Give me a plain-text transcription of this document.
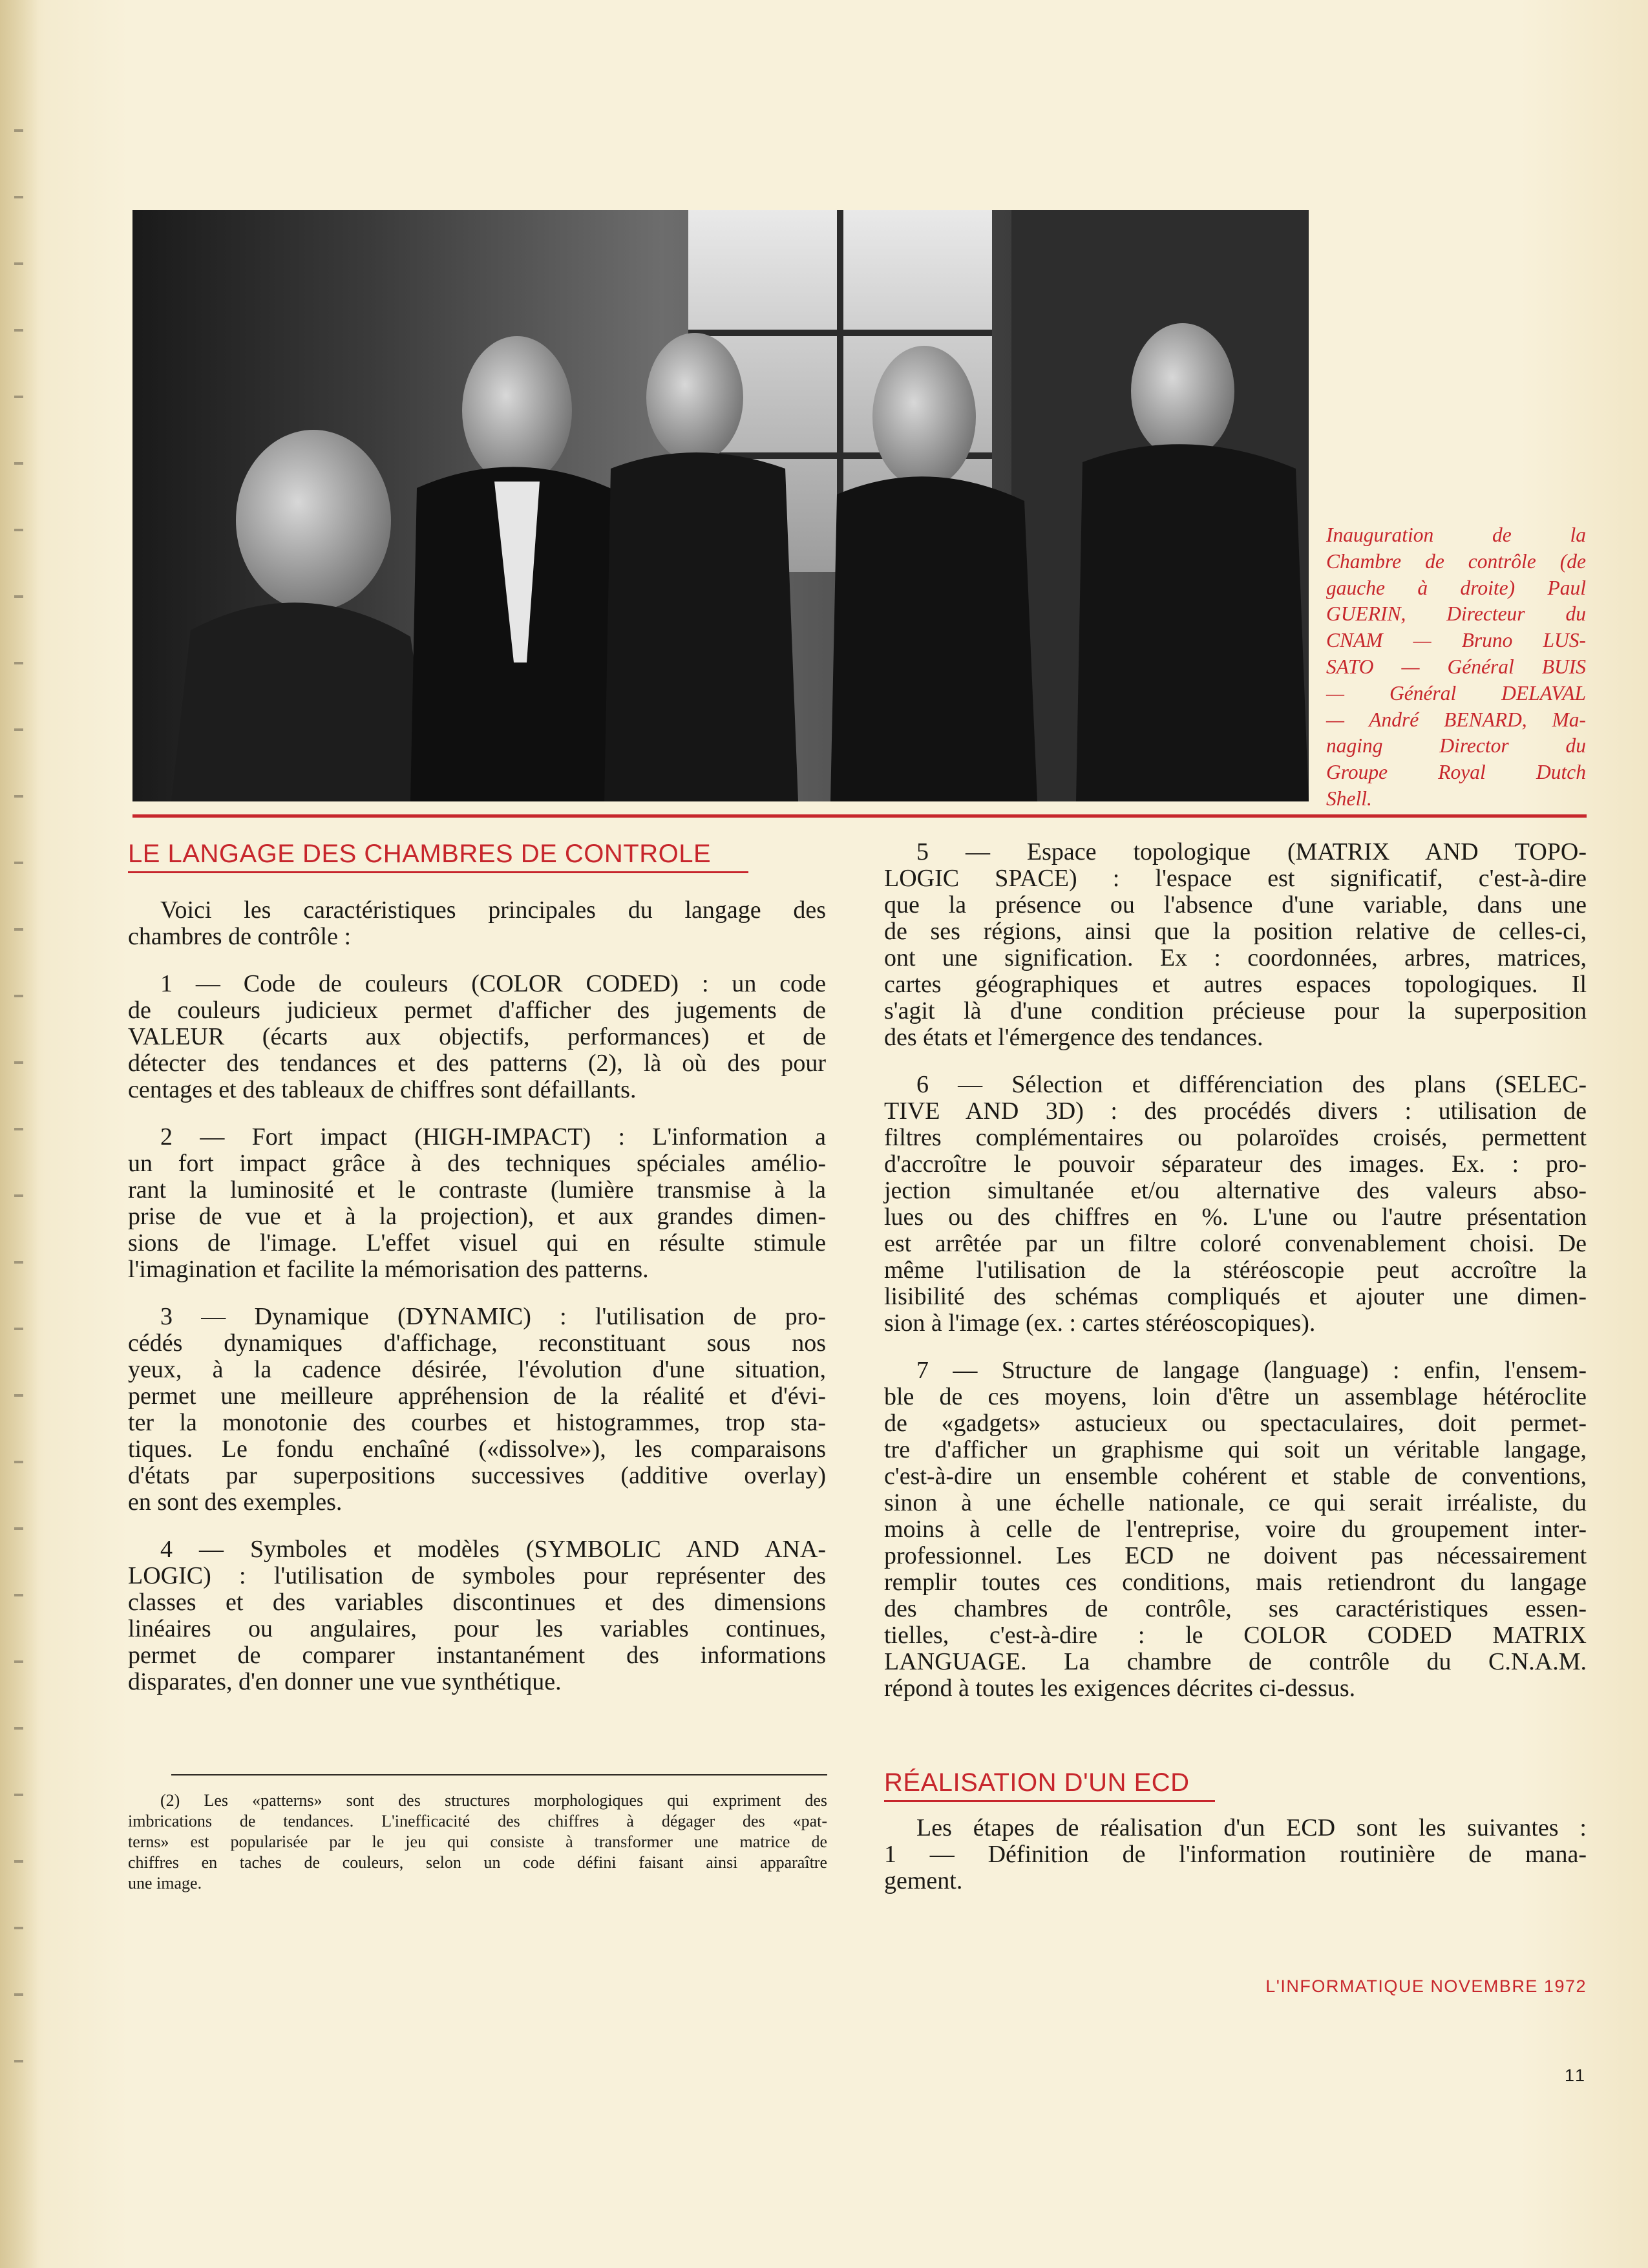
Inauguration de la
Chambre de contrôle (de
gauche à droite) Paul
GUERIN, Directeur du
CNAM — Bruno LUS-
SATO — Général BUIS
— Général DELAVAL
— André BENARD, Ma-
naging Director du
Groupe Royal Dutch
Shell.
LE LANGAGE DES CHAMBRES DE CONTROLE
Voici les caractéristiques principales du langage des
chambres de contrôle :
1 — Code de couleurs (COLOR CODED) : un code
de couleurs judicieux permet d'afficher des jugements de
VALEUR (écarts aux objectifs, performances) et de
détecter des tendances et des patterns (2), là où des pour
centages et des tableaux de chiffres sont défaillants.
2 — Fort impact (HIGH-IMPACT) : L'information a
un fort impact grâce à des techniques spéciales amélio-
rant la luminosité et le contraste (lumière transmise à la
prise de vue et à la projection), et aux grandes dimen-
sions de l'image. L'effet visuel qui en résulte stimule
l'imagination et facilite la mémorisation des patterns.
3 — Dynamique (DYNAMIC) : l'utilisation de pro-
cédés dynamiques d'affichage, reconstituant sous nos
yeux, à la cadence désirée, l'évolution d'une situation,
permet une meilleure appréhension de la réalité et d'évi-
ter la monotonie des courbes et histogrammes, trop sta-
tiques. Le fondu enchaîné («dissolve»), les comparaisons
d'états par superpositions successives (additive overlay)
en sont des exemples.
4 — Symboles et modèles (SYMBOLIC AND ANA-
LOGIC) : l'utilisation de symboles pour représenter des
classes et des variables discontinues et des dimensions
linéaires ou angulaires, pour les variables continues,
permet de comparer instantanément des informations
disparates, d'en donner une vue synthétique.
(2) Les «patterns» sont des structures morphologiques qui expriment des
imbrications de tendances. L'inefficacité des chiffres à dégager des «pat-
terns» est popularisée par le jeu qui consiste à transformer une matrice de
chiffres en taches de couleurs, selon un code défini faisant ainsi apparaître
une image.
5 — Espace topologique (MATRIX AND TOPO-
LOGIC SPACE) : l'espace est significatif, c'est-à-dire
que la présence ou l'absence d'une variable, dans une
de ses régions, ainsi que la position relative de celles-ci,
ont une signification. Ex : coordonnées, arbres, matrices,
cartes géographiques et autres espaces topologiques. Il
s'agit là d'une condition précieuse pour la superposition
des états et l'émergence des tendances.
6 — Sélection et différenciation des plans (SELEC-
TIVE AND 3D) : des procédés divers : utilisation de
filtres complémentaires ou polaroïdes croisés, permettent
d'accroître le pouvoir séparateur des images. Ex. : pro-
jection simultanée et/ou alternative des valeurs abso-
lues ou des chiffres en %. L'une ou l'autre présentation
est arrêtée par un filtre coloré convenablement choisi. De
même l'utilisation de la stéréoscopie peut accroître la
lisibilité des schémas compliqués et ajouter une dimen-
sion à l'image (ex. : cartes stéréoscopiques).
7 — Structure de langage (language) : enfin, l'ensem-
ble de ces moyens, loin d'être un assemblage hétéroclite
de «gadgets» astucieux ou spectaculaires, doit permet-
tre d'afficher un graphisme qui soit un véritable langage,
c'est-à-dire un ensemble cohérent et stable de conventions,
sinon à une échelle nationale, ce qui serait irréaliste, du
moins à celle de l'entreprise, voire du groupement inter-
professionnel. Les ECD ne doivent pas nécessairement
remplir toutes ces conditions, mais retiendront du langage
des chambres de contrôle, ses caractéristiques essen-
tielles, c'est-à-dire : le COLOR CODED MATRIX
LANGUAGE. La chambre de contrôle du C.N.A.M.
répond à toutes les exigences décrites ci-dessus.
RÉALISATION D'UN ECD
Les étapes de réalisation d'un ECD sont les suivantes :
1 — Définition de l'information routinière de mana-
gement.
L'INFORMATIQUE NOVEMBRE 1972
11
